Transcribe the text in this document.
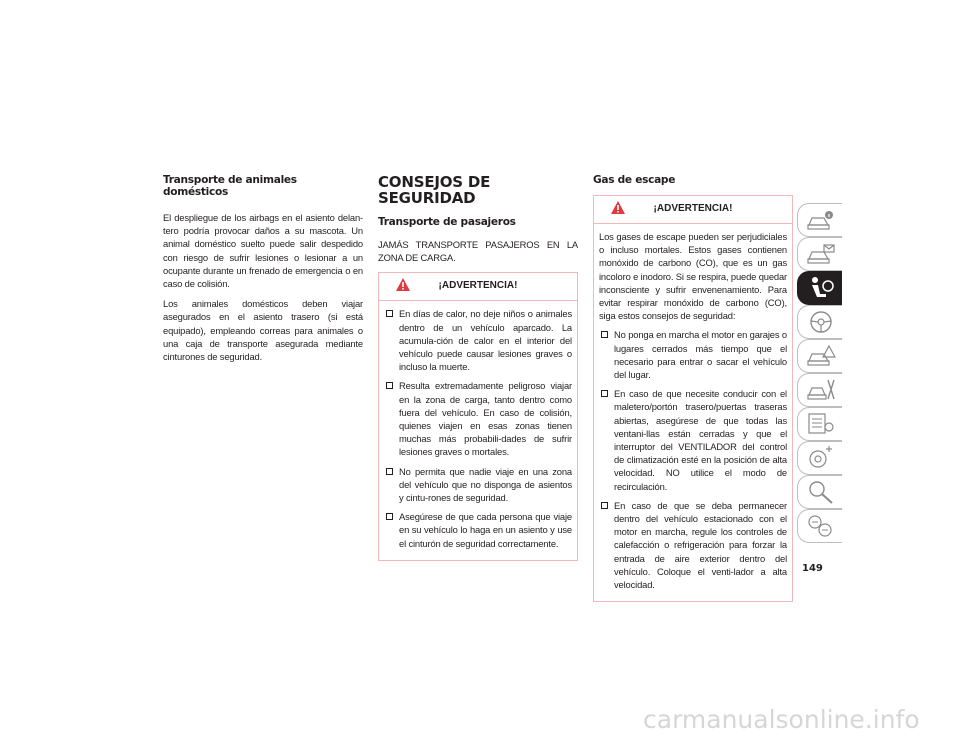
Transporte de animales domésticos

El despliegue de los airbags en el asiento delan-tero podría provocar daños a su mascota. Un animal doméstico suelto puede salir despedido con riesgo de sufrir lesiones o lesionar a un ocupante durante un frenado de emergencia o en caso de colisión.

Los animales domésticos deben viajar asegurados en el asiento trasero (si está equipado), empleando correas para animales o una caja de transporte asegurada mediante cinturones de seguridad.

CONSEJOS DE SEGURIDAD
Transporte de pasajeros

JAMÁS TRANSPORTE PASAJEROS EN LA ZONA DE CARGA.

¡ADVERTENCIA!

En días de calor, no deje niños o animales dentro de un vehículo aparcado. La acumula-ción de calor en el interior del vehículo puede causar lesiones graves o incluso la muerte.

Resulta extremadamente peligroso viajar en la zona de carga, tanto dentro como fuera del vehículo. En caso de colisión, quienes viajen en esas zonas tienen muchas más probabili-dades de sufrir lesiones graves o mortales.

No permita que nadie viaje en una zona del vehículo que no disponga de asientos y cintu-rones de seguridad.

Asegúrese de que cada persona que viaje en su vehículo lo haga en un asiento y use el cinturón de seguridad correctamente.

Gas de escape
¡ADVERTENCIA!

Los gases de escape pueden ser perjudiciales o incluso mortales. Estos gases contienen monóxido de carbono (CO), que es un gas incoloro e inodoro. Si se respira, puede quedar inconsciente y sufrir envenenamiento. Para evitar respirar monóxido de carbono (CO), siga estos consejos de seguridad:

No ponga en marcha el motor en garajes o lugares cerrados más tiempo que el necesario para entrar o sacar el vehículo del lugar.

En caso de que necesite conducir con el maletero/portón trasero/puertas traseras abiertas, asegúrese de que todas las ventani-llas están cerradas y que el interruptor del VENTILADOR del control de climatización esté en la posición de alta velocidad. NO utilice el modo de recirculación.

En caso de que se deba permanecer dentro del vehículo estacionado con el motor en marcha, regule los controles de calefacción o refrigeración para forzar la entrada de aire exterior dentro del vehículo. Coloque el venti-lador a alta velocidad.

149
carmanualsonline.info
